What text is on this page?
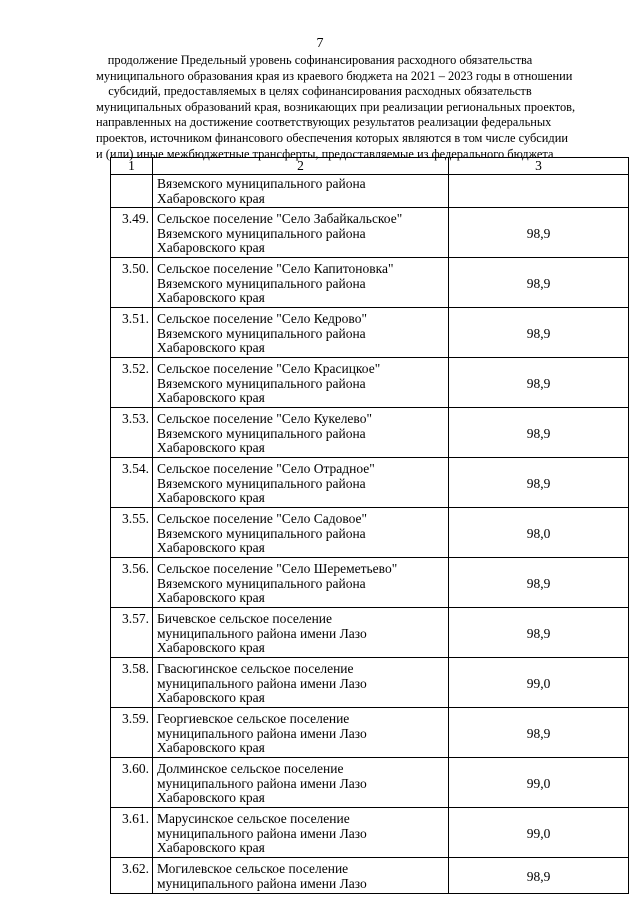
7
продолжение Предельный уровень софинансирования расходного обязательства
муниципального образования края из краевого бюджета на 2021 – 2023 годы в отношении
субсидий, предоставляемых в целях софинансирования расходных обязательств
муниципальных образований края, возникающих при реализации региональных проектов,
направленных на достижение соответствующих результатов реализации федеральных
проектов, источником финансового обеспечения которых являются в том числе субсидии
и (или) иные межбюджетные трансферты, предоставляемые из федерального бюджета
1	2	3

	Вяземского муниципального района
Хабаровского края	

3.49.	Сельское поселение "Село Забайкальское"
Вяземского муниципального района
Хабаровского края	98,9
3.50.	Сельское поселение "Село Капитоновка"
Вяземского муниципального района
Хабаровского края	98,9
3.51.	Сельское поселение "Село Кедрово"
Вяземского муниципального района
Хабаровского края	98,9
3.52.	Сельское поселение "Село Красицкое"
Вяземского муниципального района
Хабаровского края	98,9
3.53.	Сельское поселение "Село Кукелево"
Вяземского муниципального района
Хабаровского края	98,9
3.54.	Сельское поселение "Село Отрадное"
Вяземского муниципального района
Хабаровского края	98,9
3.55.	Сельское поселение "Село Садовое"
Вяземского муниципального района
Хабаровского края	98,0
3.56.	Сельское поселение "Село Шереметьево"
Вяземского муниципального района
Хабаровского края	98,9
3.57.	Бичевское сельское поселение
муниципального района имени Лазо
Хабаровского края	98,9
3.58.	Гвасюгинское сельское поселение
муниципального района имени Лазо
Хабаровского края	99,0
3.59.	Георгиевское сельское поселение
муниципального района имени Лазо
Хабаровского края	98,9
3.60.	Долминское сельское поселение
муниципального района имени Лазо
Хабаровского края	99,0
3.61.	Марусинское сельское поселение
муниципального района имени Лазо
Хабаровского края	99,0
3.62.	Могилевское сельское поселение
муниципального района имени Лазо	98,9
